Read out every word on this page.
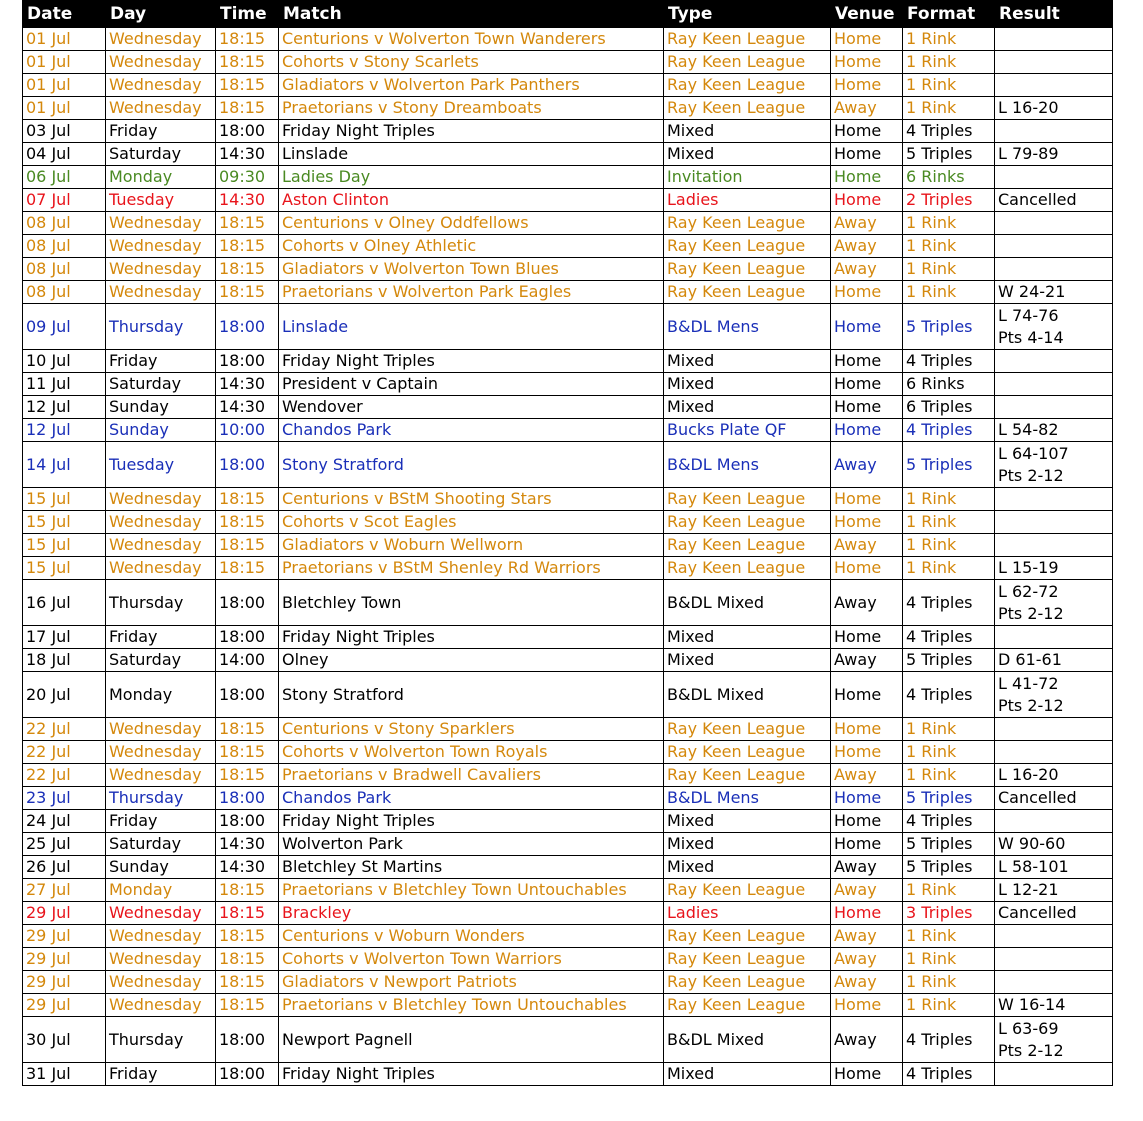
Date	Day	Time	Match	Type	Venue	Format	Result
01 Jul	Wednesday	18:15	Centurions v Wolverton Town Wanderers	Ray Keen League	Home	1 Rink	
01 Jul	Wednesday	18:15	Cohorts v Stony Scarlets	Ray Keen League	Home	1 Rink	
01 Jul	Wednesday	18:15	Gladiators v Wolverton Park Panthers	Ray Keen League	Home	1 Rink	
01 Jul	Wednesday	18:15	Praetorians v Stony Dreamboats	Ray Keen League	Away	1 Rink	L 16-20
03 Jul	Friday	18:00	Friday Night Triples	Mixed	Home	4 Triples	
04 Jul	Saturday	14:30	Linslade	Mixed	Home	5 Triples	L 79-89
06 Jul	Monday	09:30	Ladies Day	Invitation	Home	6 Rinks	
07 Jul	Tuesday	14:30	Aston Clinton	Ladies	Home	2 Triples	Cancelled
08 Jul	Wednesday	18:15	Centurions v Olney Oddfellows	Ray Keen League	Away	1 Rink	
08 Jul	Wednesday	18:15	Cohorts v Olney Athletic	Ray Keen League	Away	1 Rink	
08 Jul	Wednesday	18:15	Gladiators v Wolverton Town Blues	Ray Keen League	Away	1 Rink	
08 Jul	Wednesday	18:15	Praetorians v Wolverton Park Eagles	Ray Keen League	Home	1 Rink	W 24-21
09 Jul	Thursday	18:00	Linslade	B&DL Mens	Home	5 Triples	L 74-76
Pts 4-14
10 Jul	Friday	18:00	Friday Night Triples	Mixed	Home	4 Triples	
11 Jul	Saturday	14:30	President v Captain	Mixed	Home	6 Rinks	
12 Jul	Sunday	14:30	Wendover	Mixed	Home	6 Triples	
12 Jul	Sunday	10:00	Chandos Park	Bucks Plate QF	Home	4 Triples	L 54-82
14 Jul	Tuesday	18:00	Stony Stratford	B&DL Mens	Away	5 Triples	L 64-107
Pts 2-12
15 Jul	Wednesday	18:15	Centurions v BStM Shooting Stars	Ray Keen League	Home	1 Rink	
15 Jul	Wednesday	18:15	Cohorts v Scot Eagles	Ray Keen League	Home	1 Rink	
15 Jul	Wednesday	18:15	Gladiators v Woburn Wellworn	Ray Keen League	Away	1 Rink	
15 Jul	Wednesday	18:15	Praetorians v BStM Shenley Rd Warriors	Ray Keen League	Home	1 Rink	L 15-19
16 Jul	Thursday	18:00	Bletchley Town	B&DL Mixed	Away	4 Triples	L 62-72
Pts 2-12
17 Jul	Friday	18:00	Friday Night Triples	Mixed	Home	4 Triples	
18 Jul	Saturday	14:00	Olney	Mixed	Away	5 Triples	D 61-61
20 Jul	Monday	18:00	Stony Stratford	B&DL Mixed	Home	4 Triples	L 41-72
Pts 2-12
22 Jul	Wednesday	18:15	Centurions v Stony Sparklers	Ray Keen League	Home	1 Rink	
22 Jul	Wednesday	18:15	Cohorts v Wolverton Town Royals	Ray Keen League	Home	1 Rink	
22 Jul	Wednesday	18:15	Praetorians v Bradwell Cavaliers	Ray Keen League	Away	1 Rink	L 16-20
23 Jul	Thursday	18:00	Chandos Park	B&DL Mens	Home	5 Triples	Cancelled
24 Jul	Friday	18:00	Friday Night Triples	Mixed	Home	4 Triples	
25 Jul	Saturday	14:30	Wolverton Park	Mixed	Home	5 Triples	W 90-60
26 Jul	Sunday	14:30	Bletchley St Martins	Mixed	Away	5 Triples	L 58-101
27 Jul	Monday	18:15	Praetorians v Bletchley Town Untouchables	Ray Keen League	Away	1 Rink	L 12-21
29 Jul	Wednesday	18:15	Brackley	Ladies	Home	3 Triples	Cancelled
29 Jul	Wednesday	18:15	Centurions v Woburn Wonders	Ray Keen League	Away	1 Rink	
29 Jul	Wednesday	18:15	Cohorts v Wolverton Town Warriors	Ray Keen League	Away	1 Rink	
29 Jul	Wednesday	18:15	Gladiators v Newport Patriots	Ray Keen League	Away	1 Rink	
29 Jul	Wednesday	18:15	Praetorians v Bletchley Town Untouchables	Ray Keen League	Home	1 Rink	W 16-14
30 Jul	Thursday	18:00	Newport Pagnell	B&DL Mixed	Away	4 Triples	L 63-69
Pts 2-12
31 Jul	Friday	18:00	Friday Night Triples	Mixed	Home	4 Triples	
